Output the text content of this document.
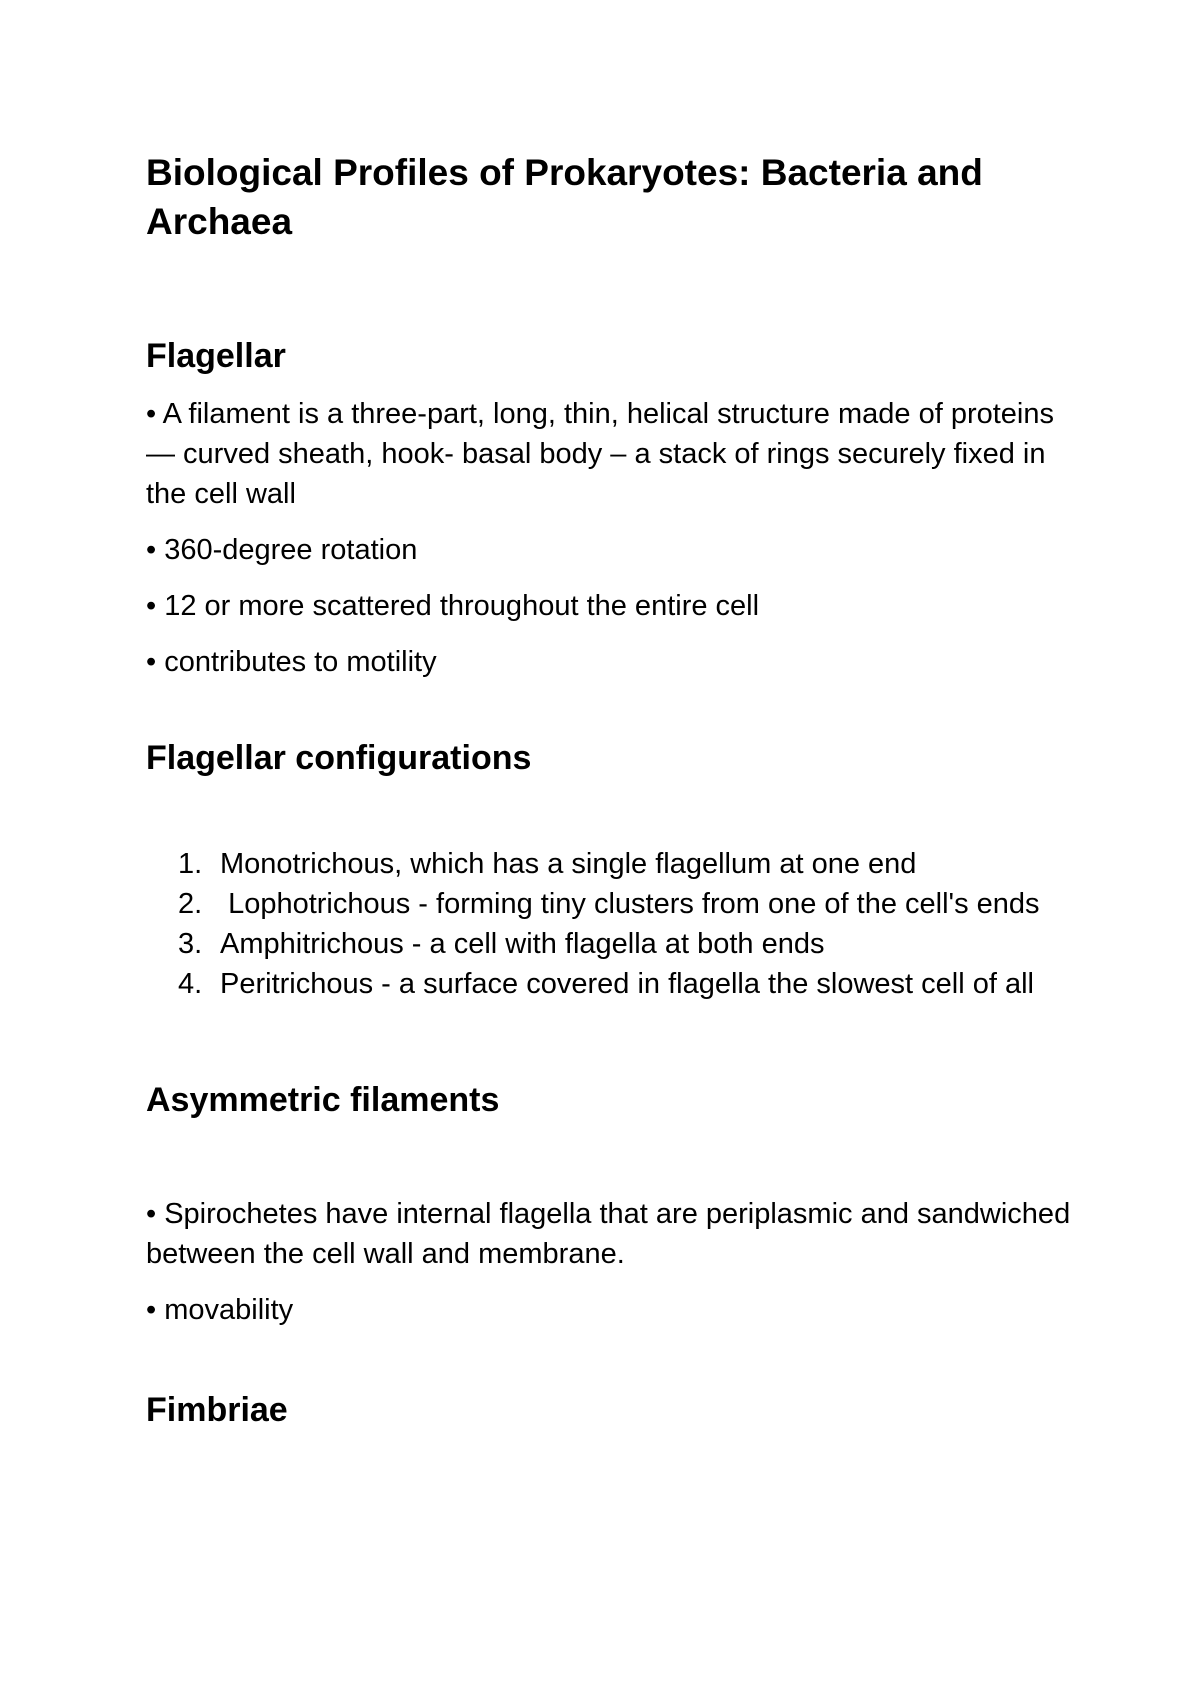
Biological Profiles of Prokaryotes: Bacteria and Archaea
Flagellar

• A filament is a three-part, long, thin, helical structure made of proteins — curved sheath, hook- basal body – a stack of rings securely fixed in the cell wall

• 360-degree rotation

• 12 or more scattered throughout the entire cell

• contributes to motility

Flagellar configurations
1. Monotrichous, which has a single flagellum at one end
2. Lophotrichous - forming tiny clusters from one of the cell's ends
3. Amphitrichous - a cell with flagella at both ends
4. Peritrichous - a surface covered in flagella the slowest cell of all
Asymmetric filaments

• Spirochetes have internal flagella that are periplasmic and sandwiched between the cell wall and membrane.

• movability

Fimbriae
